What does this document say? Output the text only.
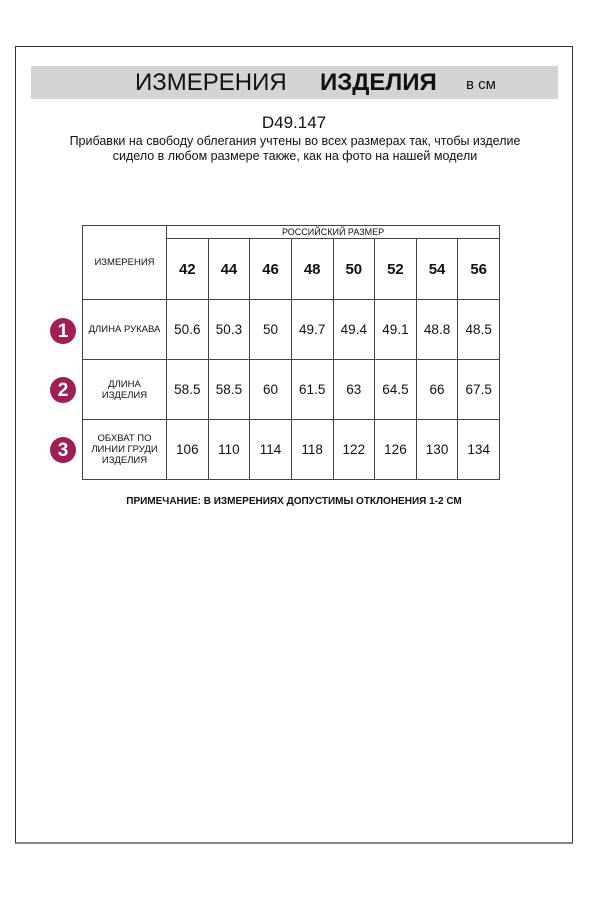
ИЗМЕРЕНИЯ ИЗДЕЛИЯ в см
D49.147
Прибавки на свободу облегания учтены во всех размерах так, чтобы изделие сидело в любом размере также, как на фото на нашей модели
1
2
3
ИЗМЕРЕНИЯ	РОССИЙСКИЙ РАЗМЕР							
	42	44	46	48	50	52	54	56
ДЛИНА РУКАВА	50.6	50.3	50	49.7	49.4	49.1	48.8	48.5
ДЛИНА ИЗДЕЛИЯ	58.5	58.5	60	61.5	63	64.5	66	67.5
ОБХВАТ ПО ЛИНИИ ГРУДИ ИЗДЕЛИЯ	106	110	114	118	122	126	130	134
ПРИМЕЧАНИЕ: В ИЗМЕРЕНИЯХ ДОПУСТИМЫ ОТКЛОНЕНИЯ 1-2 СМ
